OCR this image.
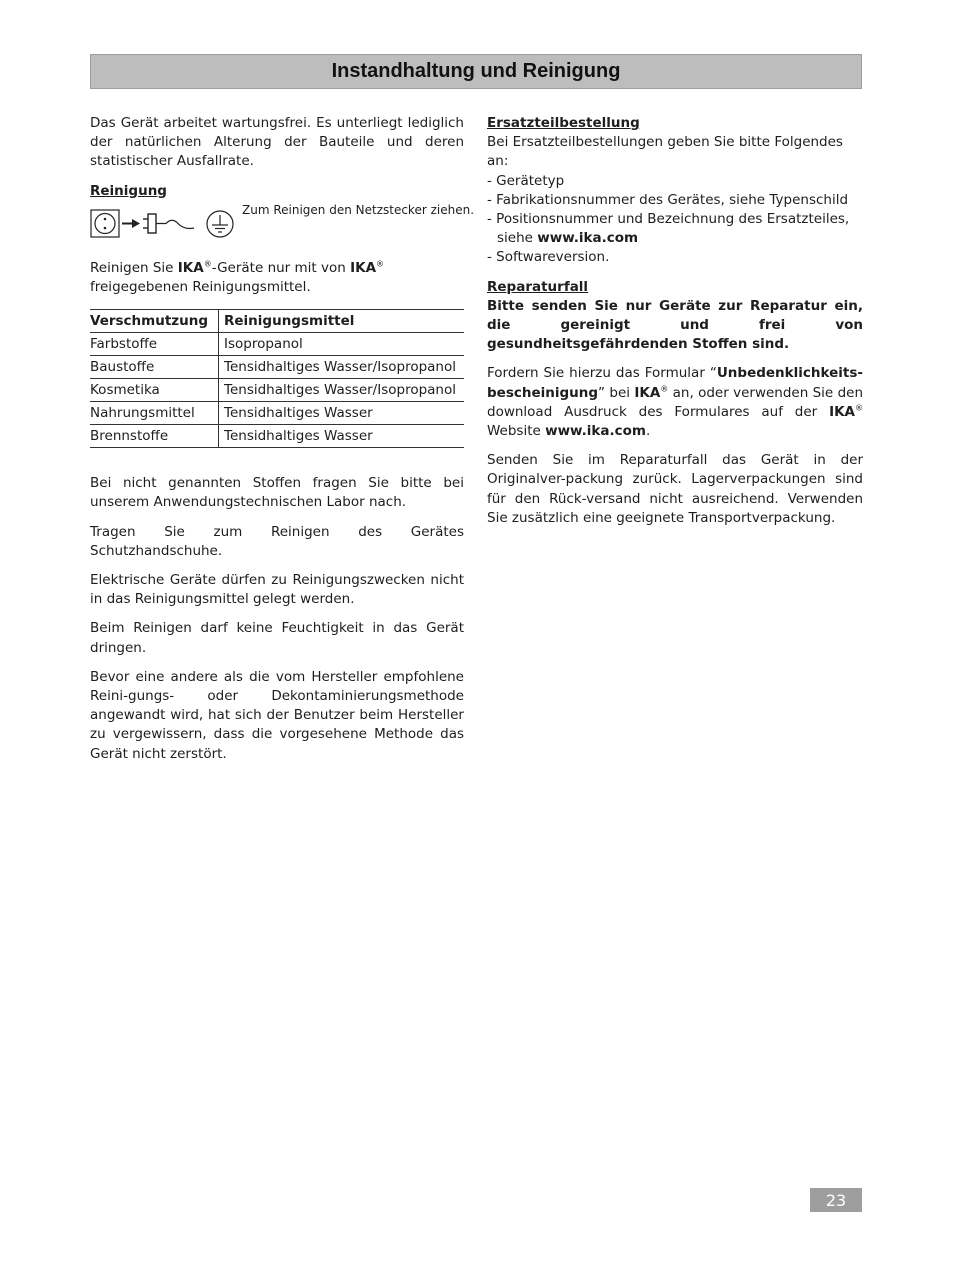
Instandhaltung und Reinigung

Das Gerät arbeitet wartungsfrei. Es unterliegt lediglich der natürlichen Alterung der Bauteile und deren statistischer Ausfallrate.

Reinigung

Zum Reinigen den Netzstecker ziehen.

Reinigen Sie IKA®-Geräte nur mit von IKA® freigegebenen Reinigungsmittel.

Verschmutzung	Reinigungsmittel
Farbstoffe	Isopropanol
Baustoffe	Tensidhaltiges Wasser/Isopropanol
Kosmetika	Tensidhaltiges Wasser/Isopropanol
Nahrungsmittel	Tensidhaltiges Wasser
Brennstoffe	Tensidhaltiges Wasser

Bei nicht genannten Stoffen fragen Sie bitte bei unserem Anwendungstechnischen Labor nach.

Tragen Sie zum Reinigen des Gerätes Schutzhandschuhe.

Elektrische Geräte dürfen zu Reinigungszwecken nicht in das Reinigungsmittel gelegt werden.

Beim Reinigen darf keine Feuchtigkeit in das Gerät dringen.

Bevor eine andere als die vom Hersteller empfohlene Reini-gungs- oder Dekontaminierungsmethode angewandt wird, hat sich der Benutzer beim Hersteller zu vergewissern, dass die vorgesehene Methode das Gerät nicht zerstört.

Ersatzteilbestellung

Bei Ersatzteilbestellungen geben Sie bitte Folgendes an:

- Gerätetyp
- Fabrikationsnummer des Gerätes, siehe Typenschild
- Positionsnummer und Bezeichnung des Ersatzteiles,
siehe www.ika.com
- Softwareversion.

Reparaturfall

Bitte senden Sie nur Geräte zur Reparatur ein, die gereinigt und frei von gesundheitsgefährdenden Stoffen sind.

Fordern Sie hierzu das Formular “Unbedenklichkeits-bescheinigung” bei IKA® an, oder verwenden Sie den download Ausdruck des Formulares auf der IKA® Website www.ika.com.

Senden Sie im Reparaturfall das Gerät in der Originalver-packung zurück. Lagerverpackungen sind für den Rück-versand nicht ausreichend. Verwenden Sie zusätzlich eine geeignete Transportverpackung.

23
